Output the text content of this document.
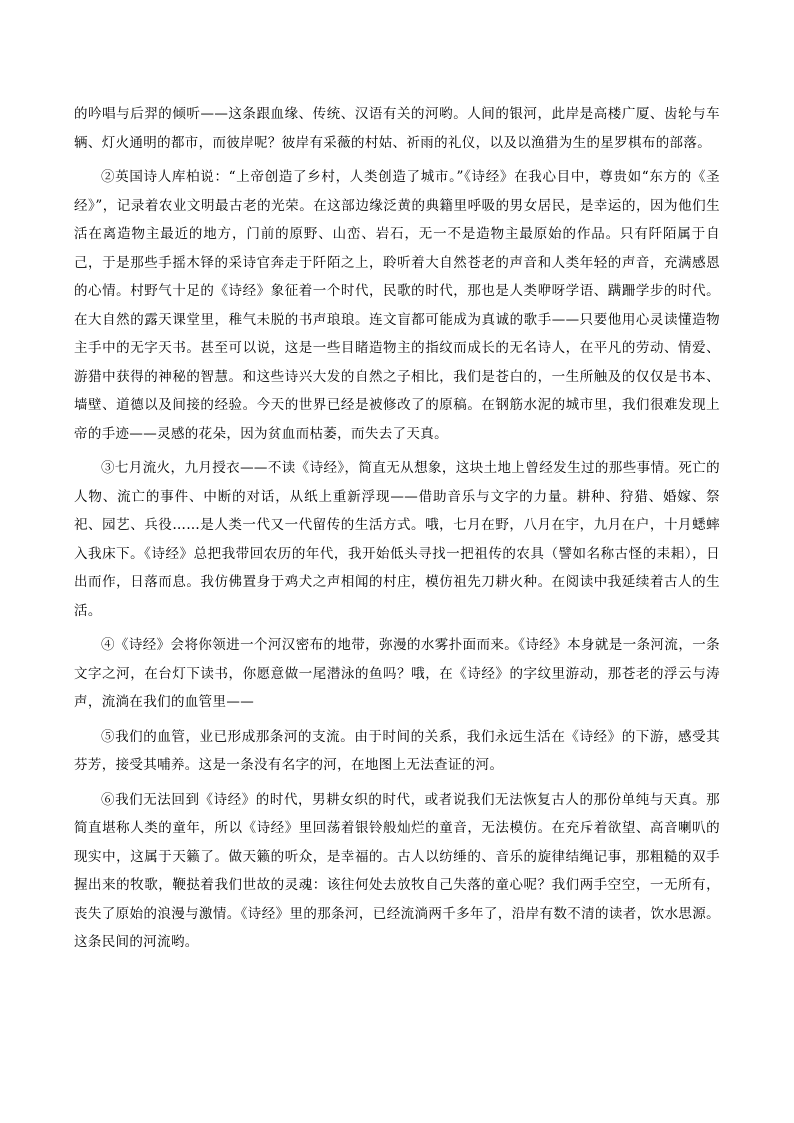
的吟唱与后羿的倾听——这条跟血缘、传统、汉语有关的河哟。人间的银河，此岸是高楼广厦、齿轮与车辆、灯火通明的都市，而彼岸呢？彼岸有采薇的村姑、祈雨的礼仪，以及以渔猎为生的星罗棋布的部落。

②英国诗人库柏说：“上帝创造了乡村，人类创造了城市。”《诗经》在我心目中，尊贵如“东方的《圣经》”，记录着农业文明最古老的光荣。在这部边缘泛黄的典籍里呼吸的男女居民，是幸运的，因为他们生活在离造物主最近的地方，门前的原野、山峦、岩石，无一不是造物主最原始的作品。只有阡陌属于自己，于是那些手摇木铎的采诗官奔走于阡陌之上，聆听着大自然苍老的声音和人类年轻的声音，充满感恩的心情。村野气十足的《诗经》象征着一个时代，民歌的时代，那也是人类咿呀学语、蹒跚学步的时代。在大自然的露天课堂里，稚气未脱的书声琅琅。连文盲都可能成为真诚的歌手——只要他用心灵读懂造物主手中的无字天书。甚至可以说，这是一些目睹造物主的指纹而成长的无名诗人，在平凡的劳动、情爱、游猎中获得的神秘的智慧。和这些诗兴大发的自然之子相比，我们是苍白的，一生所触及的仅仅是书本、墙壁、道德以及间接的经验。今天的世界已经是被修改了的原稿。在钢筋水泥的城市里，我们很难发现上帝的手迹——灵感的花朵，因为贫血而枯萎，而失去了天真。

③七月流火，九月授衣——不读《诗经》，简直无从想象，这块土地上曾经发生过的那些事情。死亡的人物、流亡的事件、中断的对话，从纸上重新浮现——借助音乐与文字的力量。耕种、狩猎、婚嫁、祭祀、园艺、兵役……是人类一代又一代留传的生活方式。哦，七月在野，八月在宇，九月在户，十月蟋蟀入我床下。《诗经》总把我带回农历的年代，我开始低头寻找一把祖传的农具（譬如名称古怪的耒耜），日出而作，日落而息。我仿佛置身于鸡犬之声相闻的村庄，模仿祖先刀耕火种。在阅读中我延续着古人的生活。

④《诗经》会将你领进一个河汉密布的地带，弥漫的水雾扑面而来。《诗经》本身就是一条河流，一条文字之河，在台灯下读书，你愿意做一尾潜泳的鱼吗？哦，在《诗经》的字纹里游动，那苍老的浮云与涛声，流淌在我们的血管里——

⑤我们的血管，业已形成那条河的支流。由于时间的关系，我们永远生活在《诗经》的下游，感受其芬芳，接受其哺养。这是一条没有名字的河，在地图上无法查证的河。

⑥我们无法回到《诗经》的时代，男耕女织的时代，或者说我们无法恢复古人的那份单纯与天真。那简直堪称人类的童年，所以《诗经》里回荡着银铃般灿烂的童音，无法模仿。在充斥着欲望、高音喇叭的现实中，这属于天籁了。做天籁的听众，是幸福的。古人以纺缍的、音乐的旋律结绳记事，那粗糙的双手握出来的牧歌，鞭挞着我们世故的灵魂：该往何处去放牧自己失落的童心呢？我们两手空空，一无所有，丧失了原始的浪漫与激情。《诗经》里的那条河，已经流淌两千多年了，沿岸有数不清的读者，饮水思源。这条民间的河流哟。
